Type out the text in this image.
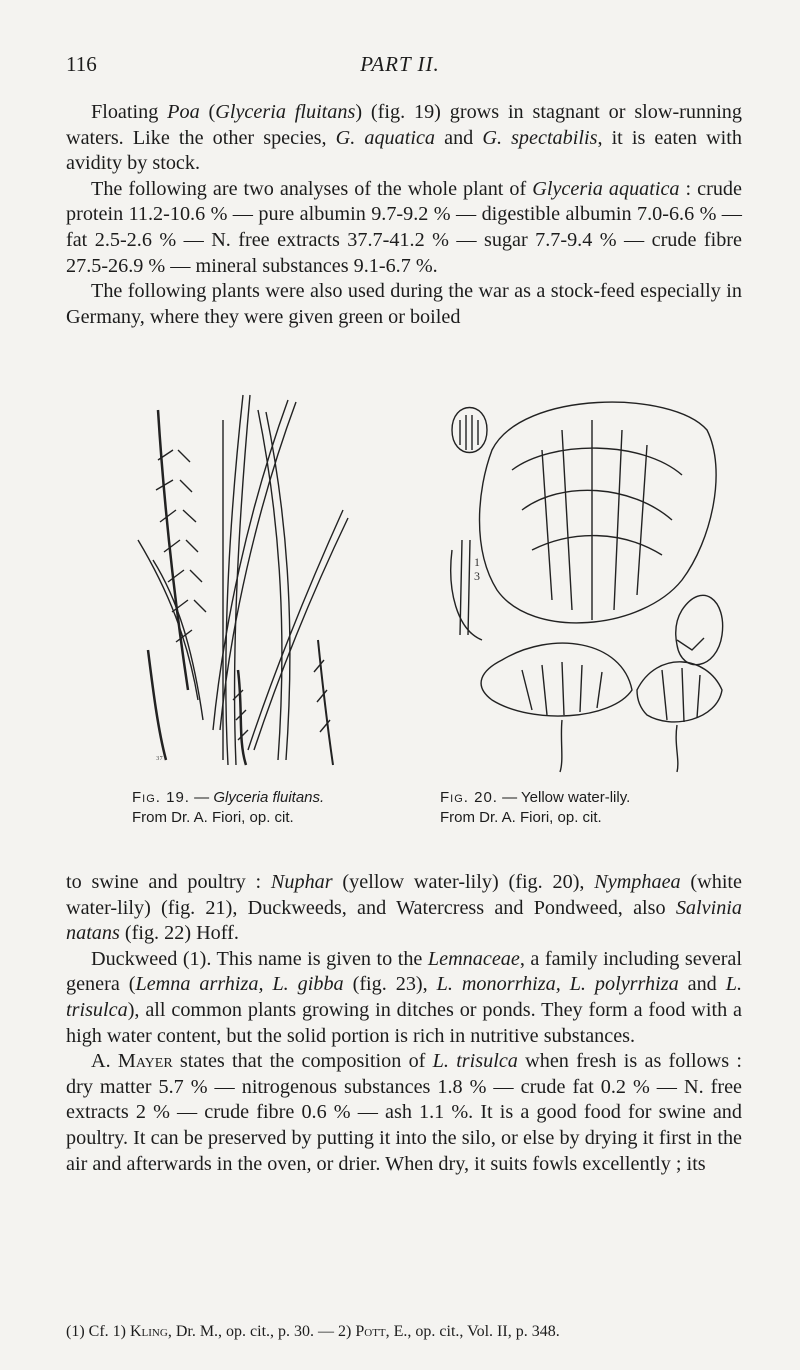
116	PART II.

Floating Poa (Glyceria fluitans) (fig. 19) grows in stagnant or slow-running waters. Like the other species, G. aquatica and G. spectabilis, it is eaten with avidity by stock.

The following are two analyses of the whole plant of Glyceria aquatica : crude protein 11.2-10.6 % — pure albumin 9.7-9.2 % — digestible albumin 7.0-6.6 % — fat 2.5-2.6 % — N. free extracts 37.7-41.2 % — sugar 7.7-9.4 % — crude fibre 27.5-26.9 % — mineral substances 9.1-6.7 %.

The following plants were also used during the war as a stock-feed especially in Germany, where they were given green or boiled

₃₇
3
1
Fig. 19. — Glyceria fluitans.
From Dr. A. Fiori, op. cit.
Fig. 20. — Yellow water-lily.
From Dr. A. Fiori, op. cit.

to swine and poultry : Nuphar (yellow water-lily) (fig. 20), Nymphaea (white water-lily) (fig. 21), Duckweeds, and Watercress and Pondweed, also Salvinia natans (fig. 22) Hoff.

Duckweed (1). This name is given to the Lemnaceae, a family including several genera (Lemna arrhiza, L. gibba (fig. 23), L. monorrhiza, L. polyrrhiza and L. trisulca), all common plants growing in ditches or ponds. They form a food with a high water content, but the solid portion is rich in nutritive substances.

A. Mayer states that the composition of L. trisulca when fresh is as follows : dry matter 5.7 % — nitrogenous substances 1.8 % — crude fat 0.2 % — N. free extracts 2 % — crude fibre 0.6 % — ash 1.1 %. It is a good food for swine and poultry. It can be preserved by putting it into the silo, or else by drying it first in the air and afterwards in the oven, or drier. When dry, it suits fowls excellently ; its

(1) Cf. 1) Kling, Dr. M., op. cit., p. 30. — 2) Pott, E., op. cit., Vol. II, p. 348.
